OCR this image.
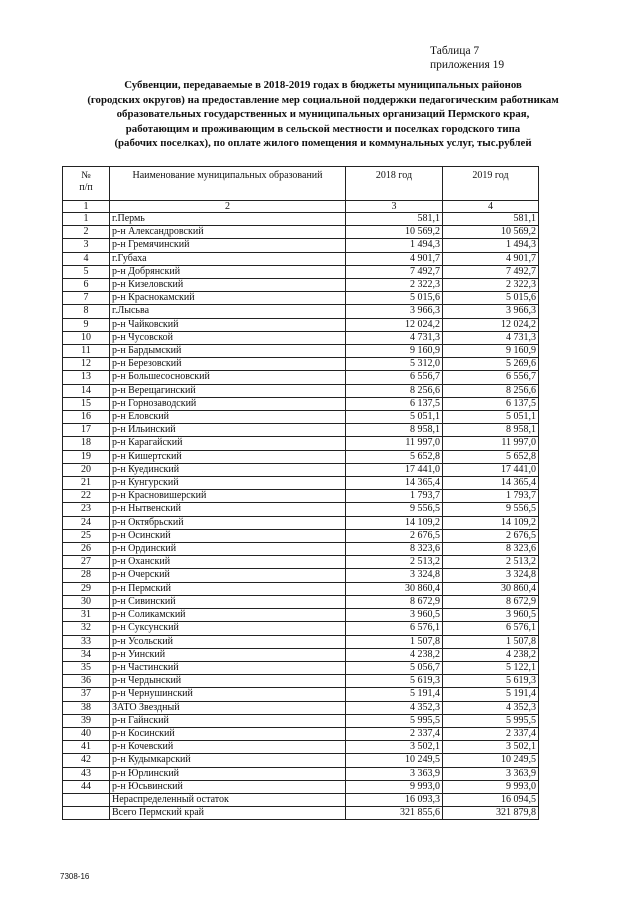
Таблица 7
приложения 19
Субвенции, передаваемые в 2018-2019 годах в бюджеты муниципальных районов
(городских округов) на предоставление мер социальной поддержки педагогическим работникам
образовательных государственных и муниципальных организаций Пермского края,
работающим и проживающим в сельской местности и поселках городского типа
(рабочих поселках), по оплате жилого помещения и коммунальных услуг, тыс.рублей
№
п/п	Наименование муниципальных образований	2018 год	2019 год
1	2	3	4
1	г.Пермь	581,1	581,1
2	р-н Александровский	10 569,2	10 569,2
3	р-н Гремячинский	1 494,3	1 494,3
4	г.Губаха	4 901,7	4 901,7
5	р-н Добрянский	7 492,7	7 492,7
6	р-н Кизеловский	2 322,3	2 322,3
7	р-н Краснокамский	5 015,6	5 015,6
8	г.Лысьва	3 966,3	3 966,3
9	р-н Чайковский	12 024,2	12 024,2
10	р-н Чусовской	4 731,3	4 731,3
11	р-н Бардымский	9 160,9	9 160,9
12	р-н Березовский	5 312,0	5 269,6
13	р-н Большесосновский	6 556,7	6 556,7
14	р-н Верещагинский	8 256,6	8 256,6
15	р-н Горнозаводский	6 137,5	6 137,5
16	р-н Еловский	5 051,1	5 051,1
17	р-н Ильинский	8 958,1	8 958,1
18	р-н Карагайский	11 997,0	11 997,0
19	р-н Кишертский	5 652,8	5 652,8
20	р-н Куединский	17 441,0	17 441,0
21	р-н Кунгурский	14 365,4	14 365,4
22	р-н Красновишерский	1 793,7	1 793,7
23	р-н Нытвенский	9 556,5	9 556,5
24	р-н Октябрьский	14 109,2	14 109,2
25	р-н Осинский	2 676,5	2 676,5
26	р-н Ординский	8 323,6	8 323,6
27	р-н Оханский	2 513,2	2 513,2
28	р-н Очерский	3 324,8	3 324,8
29	р-н Пермский	30 860,4	30 860,4
30	р-н Сивинский	8 672,9	8 672,9
31	р-н Соликамский	3 960,5	3 960,5
32	р-н Суксунский	6 576,1	6 576,1
33	р-н Усольский	1 507,8	1 507,8
34	р-н Уинский	4 238,2	4 238,2
35	р-н Частинский	5 056,7	5 122,1
36	р-н Чердынский	5 619,3	5 619,3
37	р-н Чернушинский	5 191,4	5 191,4
38	ЗАТО Звездный	4 352,3	4 352,3
39	р-н Гайнский	5 995,5	5 995,5
40	р-н Косинский	2 337,4	2 337,4
41	р-н Кочевский	3 502,1	3 502,1
42	р-н Кудымкарский	10 249,5	10 249,5
43	р-н Юрлинский	3 363,9	3 363,9
44	р-н Юсьвинский	9 993,0	9 993,0
	Нераспределенный остаток	16 093,3	16 094,5
	Всего Пермский край	321 855,6	321 879,8
7308-16
